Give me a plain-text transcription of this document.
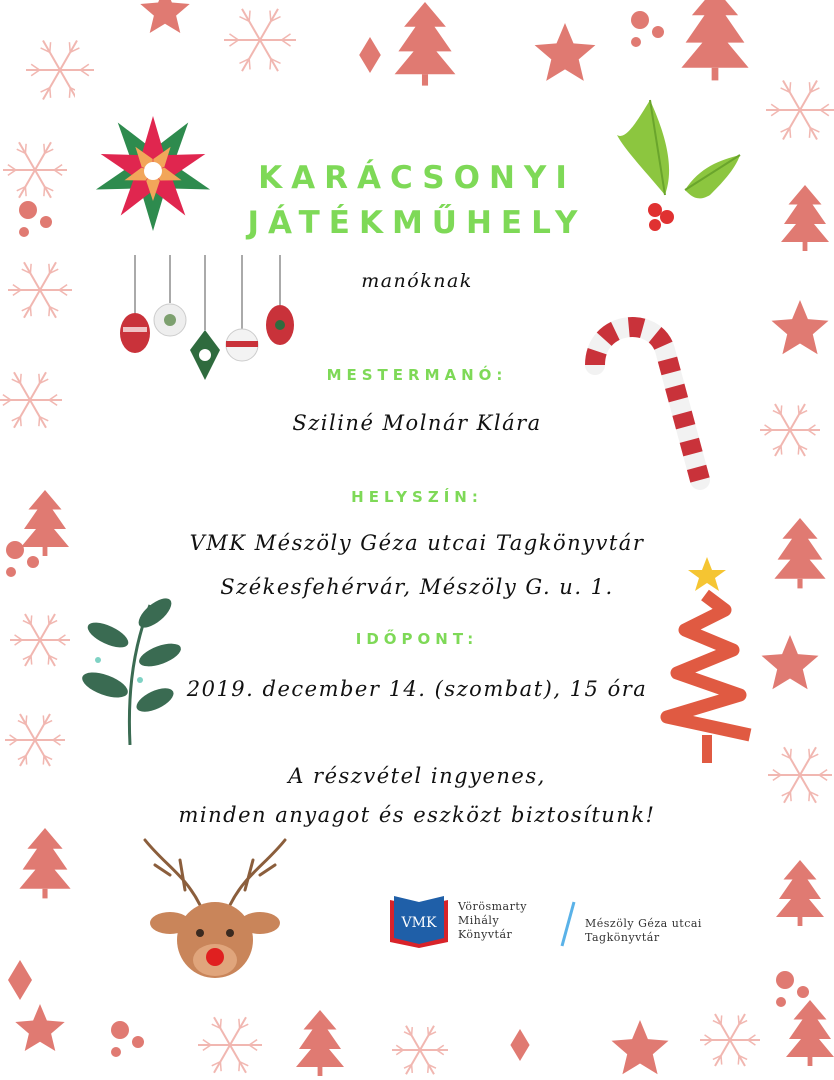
KARÁCSONYI
JÁTÉKMŰHELY
manóknak
MESTERMANÓ:
Sziliné Molnár Klára
HELYSZÍN:
VMK Mészöly Géza utcai Tagkönyvtár
Székesfehérvár, Mészöly G. u. 1.
IDŐPONT:
2019. december 14. (szombat), 15 óra
A részvétel ingyenes,
minden anyagot és eszközt biztosítunk!
VMK
Vörösmarty
Mihály
Könyvtár
Mészöly Géza utcai
Tagkönyvtár
